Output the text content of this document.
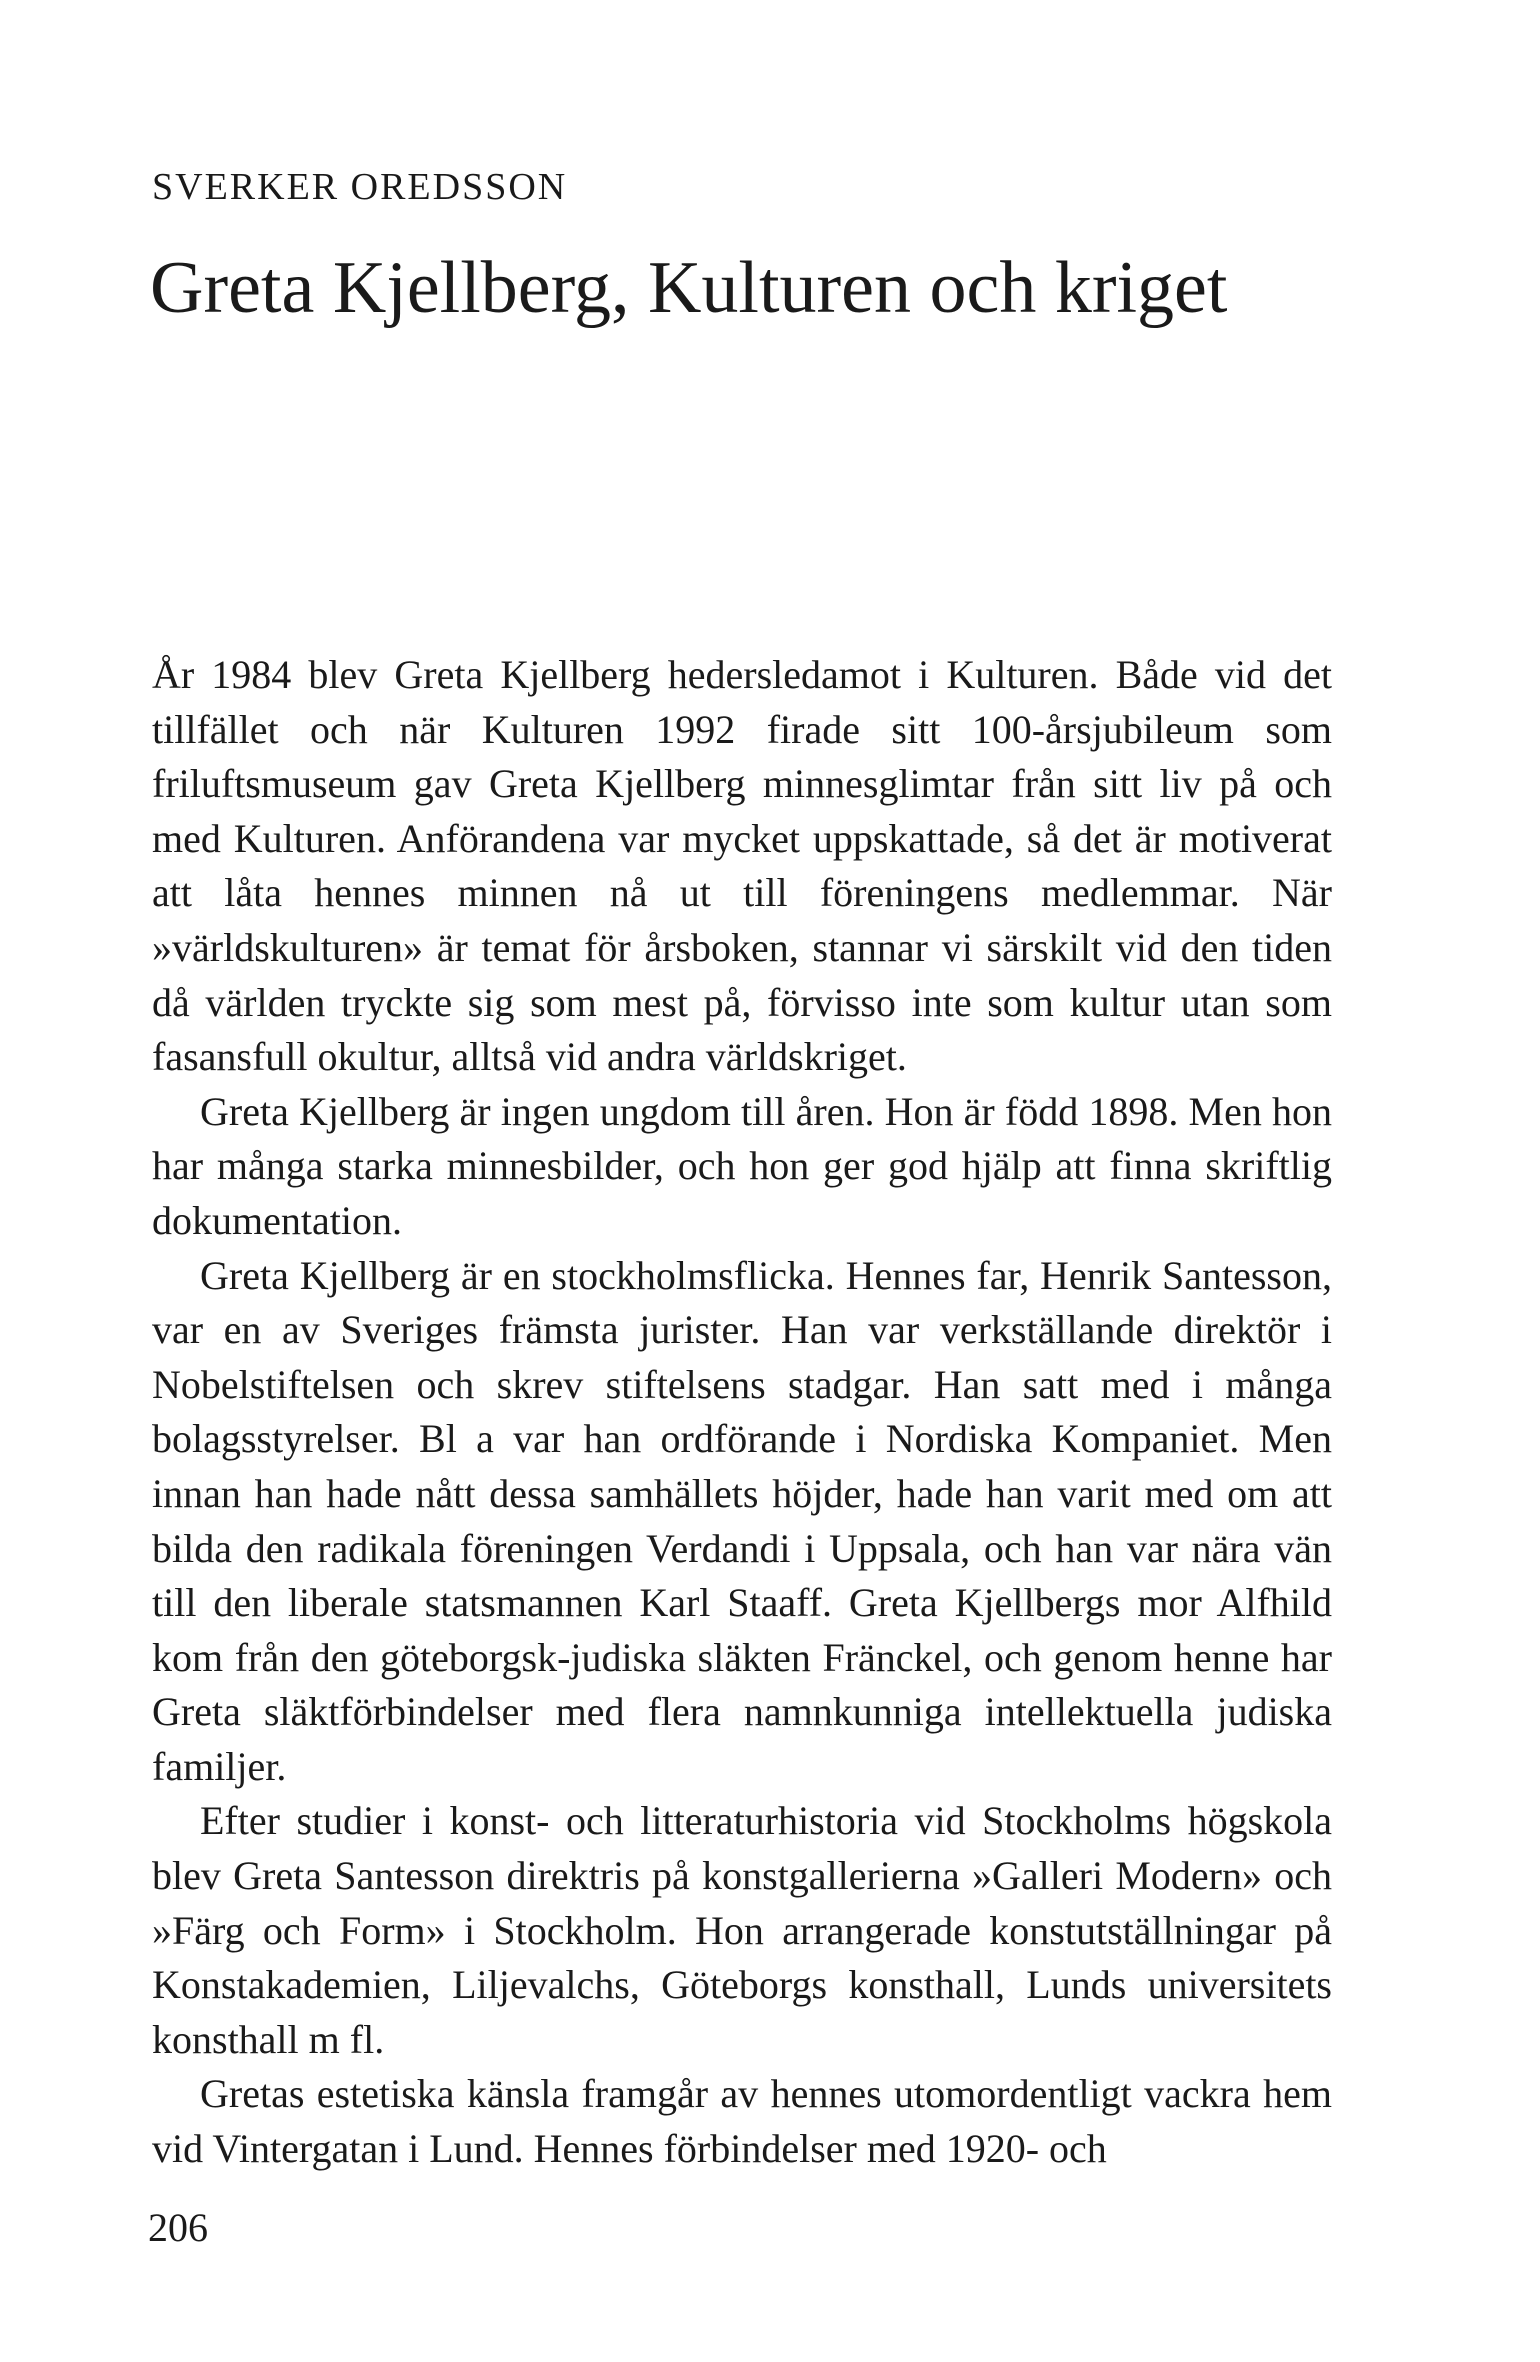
SVERKER OREDSSON
Greta Kjellberg, Kulturen och kriget

År 1984 blev Greta Kjellberg hedersledamot i Kulturen. Både vid det tillfället och när Kulturen 1992 firade sitt 100-årsjubileum som friluftsmuseum gav Greta Kjellberg minnesglimtar från sitt liv på och med Kulturen. Anförandena var mycket uppskattade, så det är motiverat att låta hennes minnen nå ut till föreningens medlemmar. När »världskulturen» är temat för årsboken, stannar vi särskilt vid den tiden då världen tryckte sig som mest på, förvisso inte som kultur utan som fasansfull okultur, alltså vid andra världskriget.

Greta Kjellberg är ingen ungdom till åren. Hon är född 1898. Men hon har många starka minnesbilder, och hon ger god hjälp att finna skriftlig dokumentation.

Greta Kjellberg är en stockholmsflicka. Hennes far, Henrik Santesson, var en av Sveriges främsta jurister. Han var verkställande direktör i Nobelstiftelsen och skrev stiftelsens stadgar. Han satt med i många bolagsstyrelser. Bl a var han ordförande i Nordiska Kompaniet. Men innan han hade nått dessa samhällets höjder, hade han varit med om att bilda den radikala föreningen Verdandi i Uppsala, och han var nära vän till den liberale statsmannen Karl Staaff. Greta Kjellbergs mor Alfhild kom från den göteborgsk-judiska släkten Fränckel, och genom henne har Greta släktförbindelser med flera namnkunniga intellektuella judiska familjer.

Efter studier i konst- och litteraturhistoria vid Stockholms högskola blev Greta Santesson direktris på konstgallerierna »Galleri Modern» och »Färg och Form» i Stockholm. Hon arrangerade konstutställningar på Konstakademien, Liljevalchs, Göteborgs konsthall, Lunds universitets konsthall m fl.

Gretas estetiska känsla framgår av hennes utomordentligt vackra hem vid Vintergatan i Lund. Hennes förbindelser med 1920- och

206
